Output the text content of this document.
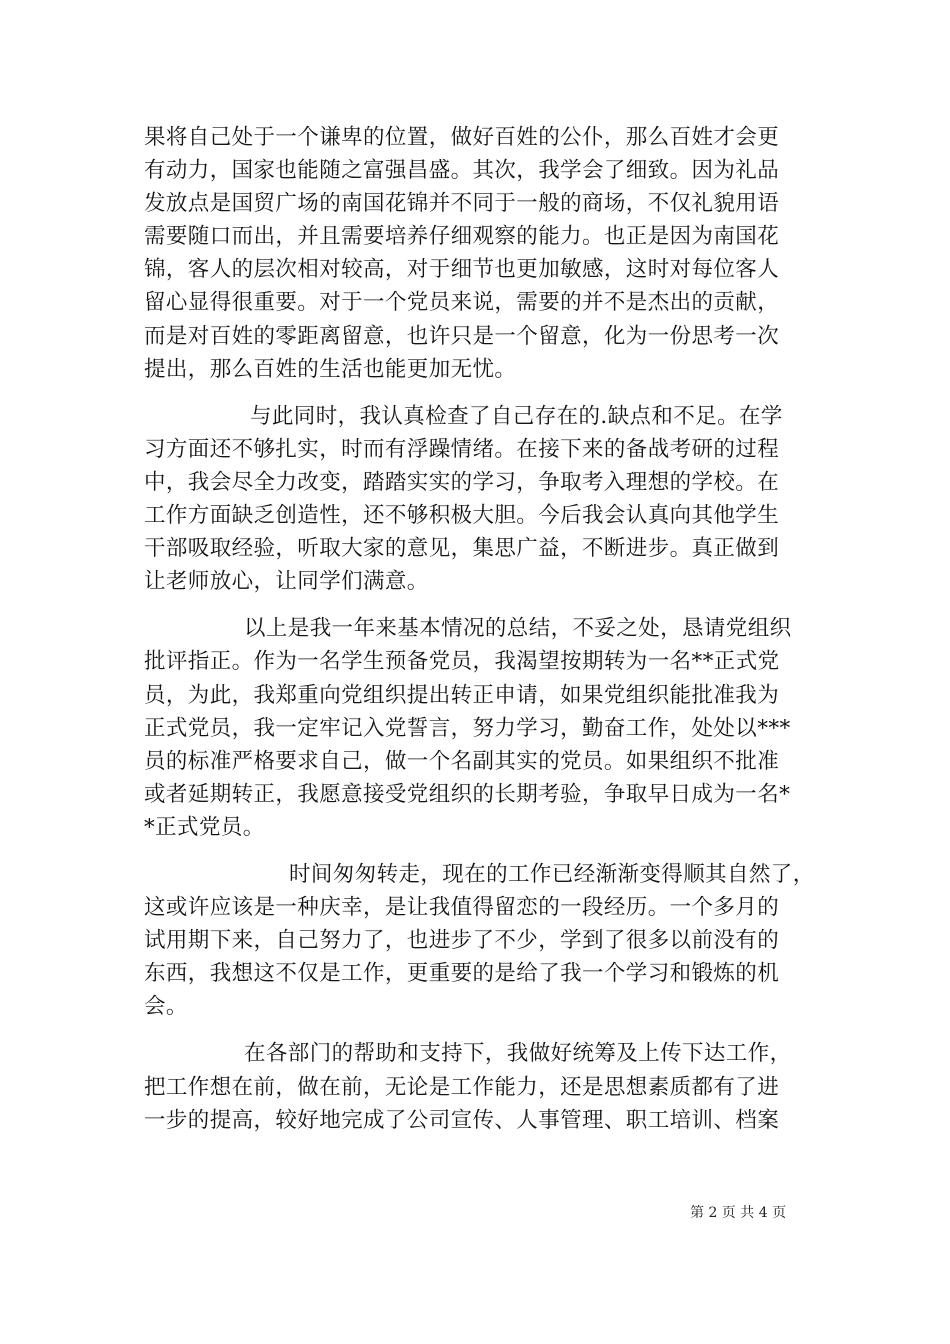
果将自己处于一个谦卑的位置，做好百姓的公仆，那么百姓才会更
有动力，国家也能随之富强昌盛。其次，我学会了细致。因为礼品
发放点是国贸广场的南国花锦并不同于一般的商场，不仅礼貌用语
需要随口而出，并且需要培养仔细观察的能力。也正是因为南国花
锦，客人的层次相对较高，对于细节也更加敏感，这时对每位客人
留心显得很重要。对于一个党员来说，需要的并不是杰出的贡献，
而是对百姓的零距离留意，也许只是一个留意，化为一份思考一次
提出，那么百姓的生活也能更加无忧。
与此同时，我认真检查了自己存在的.缺点和不足。在学
习方面还不够扎实，时而有浮躁情绪。在接下来的备战考研的过程
中，我会尽全力改变，踏踏实实的学习，争取考入理想的学校。在
工作方面缺乏创造性，还不够积极大胆。今后我会认真向其他学生
干部吸取经验，听取大家的意见，集思广益，不断进步。真正做到
让老师放心，让同学们满意。
以上是我一年来基本情况的总结，不妥之处，恳请党组织
批评指正。作为一名学生预备党员，我渴望按期转为一名**正式党
员，为此，我郑重向党组织提出转正申请，如果党组织能批准我为
正式党员，我一定牢记入党誓言，努力学习，勤奋工作，处处以***
员的标准严格要求自己，做一个名副其实的党员。如果组织不批准
或者延期转正，我愿意接受党组织的长期考验，争取早日成为一名*
*正式党员。
时间匆匆转走，现在的工作已经渐渐变得顺其自然了，
这或许应该是一种庆幸，是让我值得留恋的一段经历。一个多月的
试用期下来，自己努力了，也进步了不少，学到了很多以前没有的
东西，我想这不仅是工作，更重要的是给了我一个学习和锻炼的机
会。
在各部门的帮助和支持下，我做好统筹及上传下达工作，
把工作想在前，做在前，无论是工作能力，还是思想素质都有了进
一步的提高，较好地完成了公司宣传、人事管理、职工培训、档案
第 2 页 共 4 页
